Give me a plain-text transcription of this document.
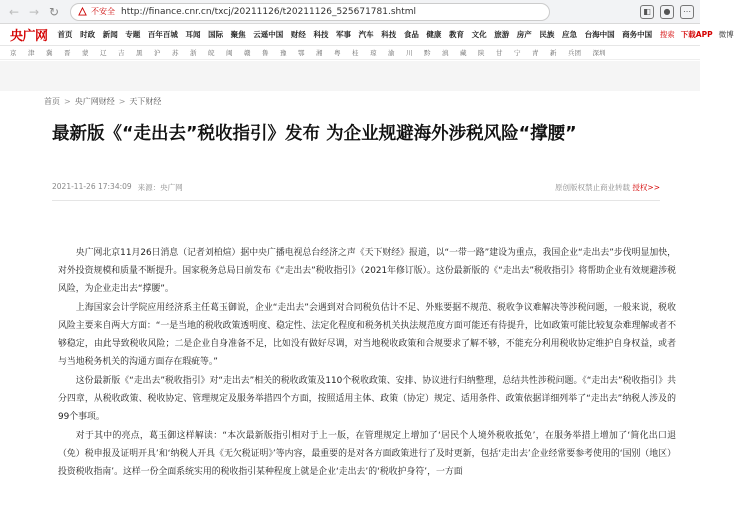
← → ↻	不安全 http://finance.cnr.cn/txcj/20211126/t20211126_525671781.shtml	◧	●	⋯
央广网 首页 时政 新闻 专题 百年百城 耳闻 国际 聚焦 云遥中国 财经 科技 军事 汽车 科技 食品 健康 教育 文化 旅游 房产 民族 应急 台海中国 商务中国 搜索 下载APP 微博
京 津 冀 晋 蒙 辽 吉 黑 沪 苏 浙 皖 闽 赣 鲁 豫 鄂 湘 粤 桂 琼 渝 川 黔 滇 藏 陕 甘 宁 青 新 兵团 深圳
首页 > 央广网财经 > 天下财经
最新版《“走出去”税收指引》发布 为企业规避海外涉税风险“撑腰”
2021-11-26 17:34:09 来源： 央广网	原创版权禁止商业转载 授权>>

央广网北京11月26日消息（记者刘柏煊）据中央广播电视总台经济之声《天下财经》报道，以“一带一路”建设为重点，我国企业“走出去”步伐明显加快，对外投资规模和质量不断提升。国家税务总局日前发布《“走出去”税收指引》（2021年修订版）。这份最新版的《“走出去”税收指引》将帮助企业有效规避涉税风险，为企业走出去“撑腰”。

上海国家会计学院应用经济系主任葛玉御说，企业“走出去”会遇到对合同税负估计不足、外账要据不规范、税收争议难解决等涉税问题，一般来说，税收风险主要来自两大方面：“一是当地的税收政策透明度、稳定性、法定化程度和税务机关执法规范度方面可能还有待提升，比如政策可能比较复杂难理解或者不够稳定，由此导致税收风险；二是企业自身准备不足，比如没有做好尽调，对当地税收政策和合规要求了解不够，不能充分利用税收协定维护自身权益，或者与当地税务机关的沟通方面存在瑕疵等。”

这份最新版《“走出去”税收指引》对“走出去”相关的税收政策及110个税收政策、安排、协议进行归纳整理，总结共性涉税问题。《“走出去”税收指引》共分四章，从税收政策、税收协定、管理规定及服务举措四个方面，按照适用主体、政策（协定）规定、适用条件、政策依据详细列举了“走出去”纳税人涉及的99个事项。

对于其中的亮点，葛玉御这样解读：“本次最新版指引相对于上一版，在管理规定上增加了‘居民个人境外税收抵免’，在服务举措上增加了‘简化出口退（免）税申报及证明开具’和‘纳税人开具《无欠税证明》’等内容，最重要的是对各方面政策进行了及时更新，包括‘走出去’企业经常要参考使用的‘国别（地区）投资税收指南’。这样一份全面系统实用的税收指引某种程度上就是企业‘走出去’的‘税收护身符’，一方面
